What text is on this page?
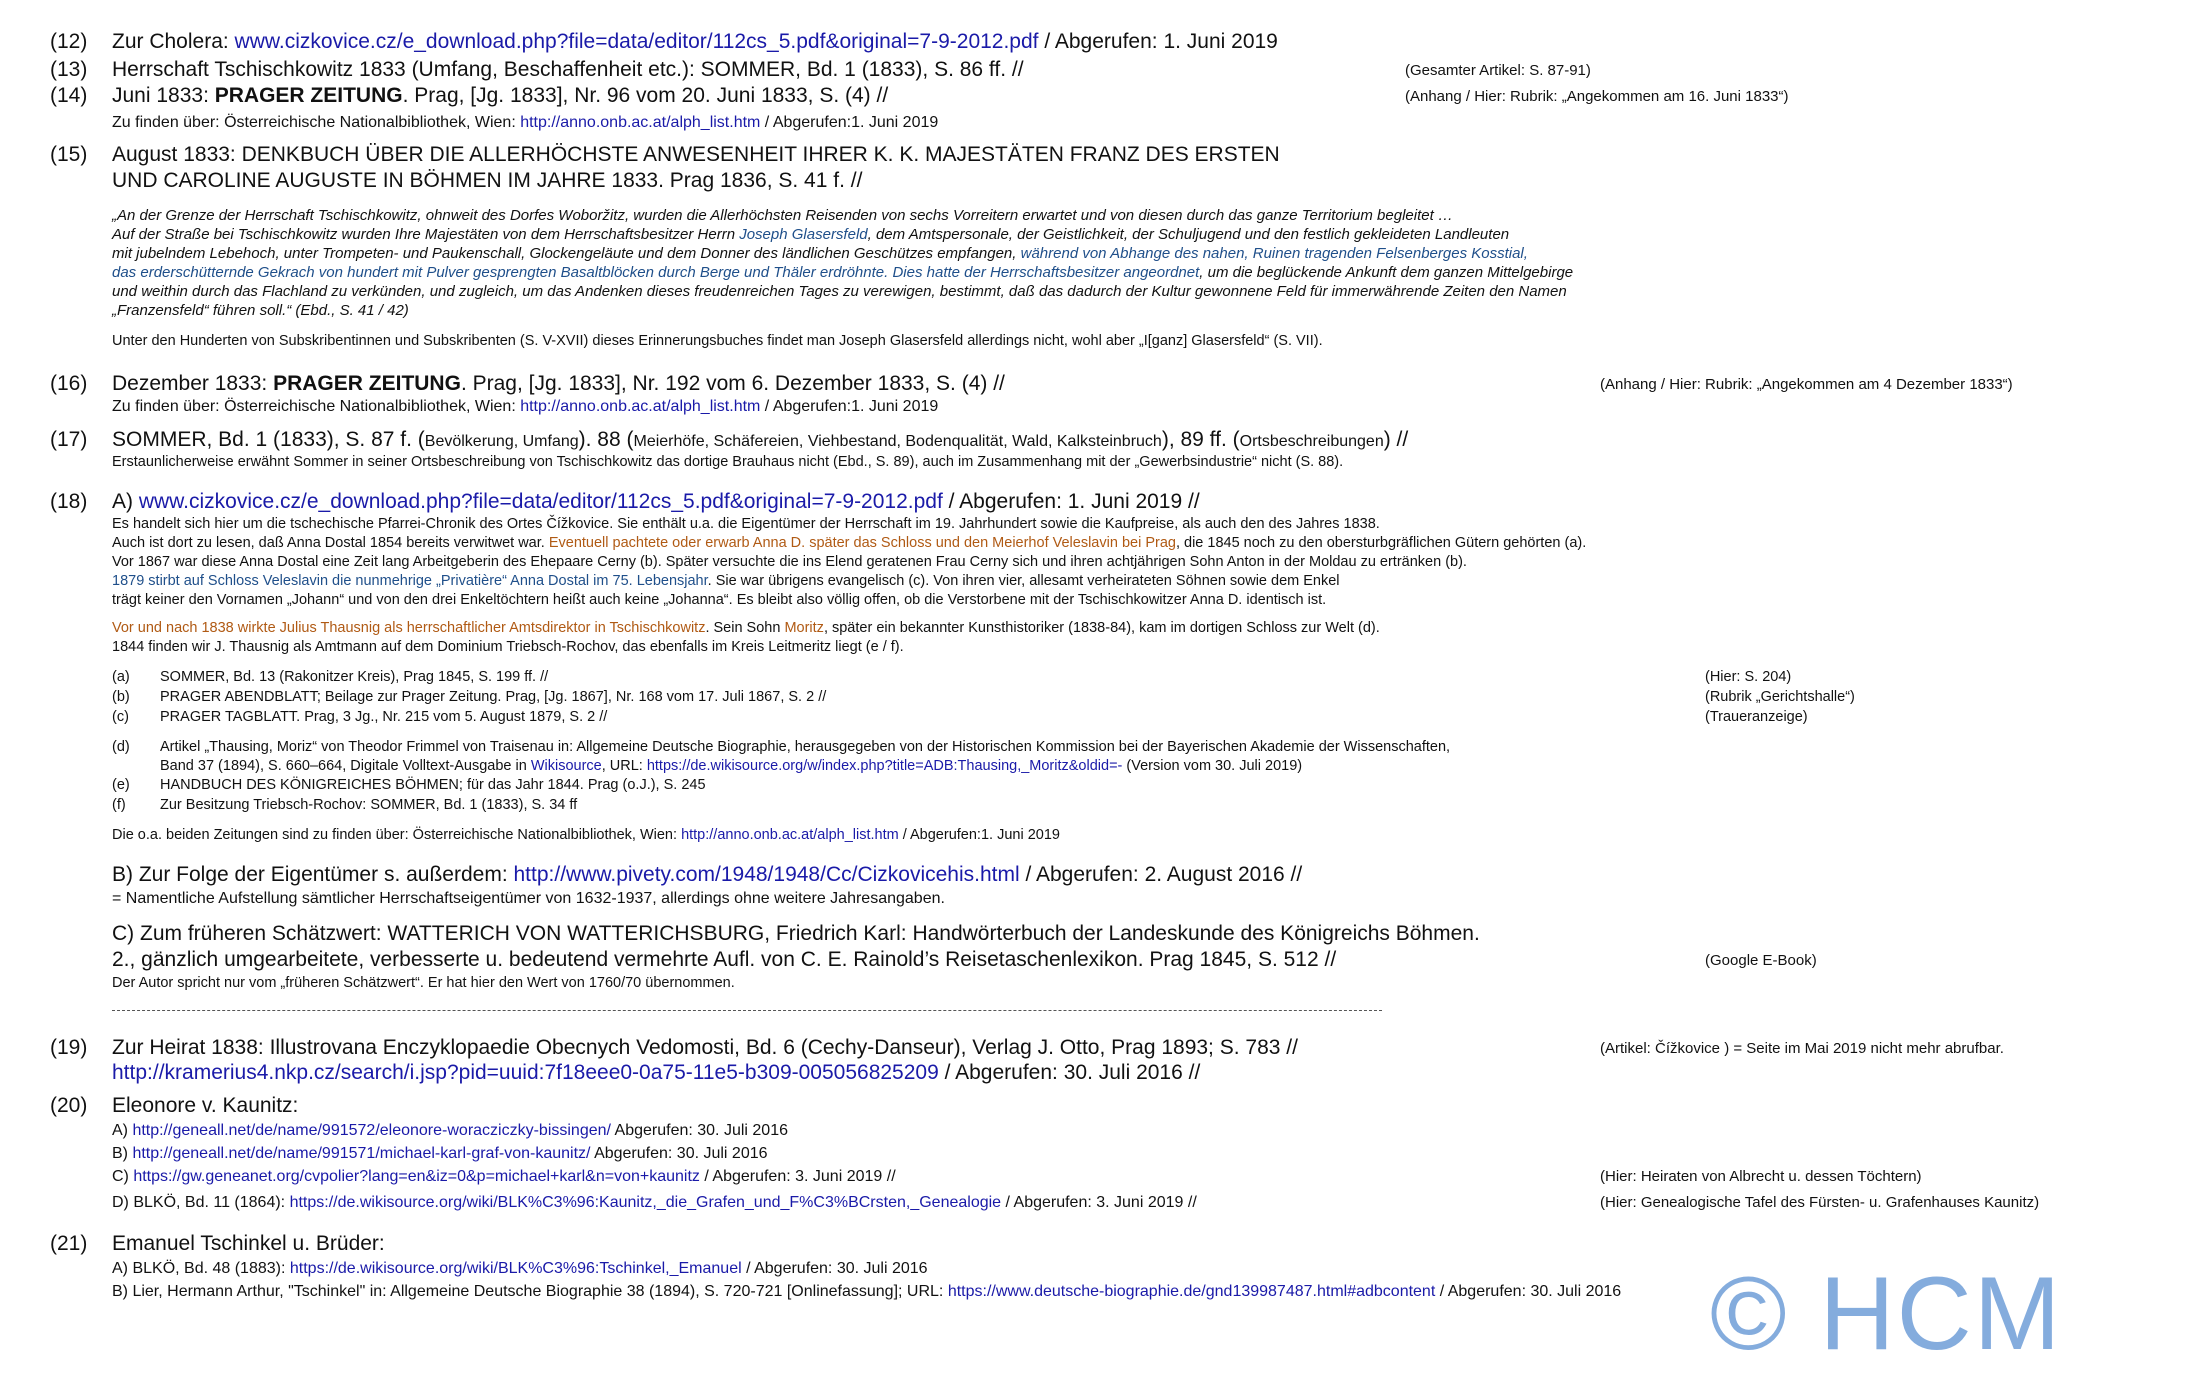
(12) Zur Cholera: www.cizkovice.cz/e_download.php?file=data/editor/112cs_5.pdf&original=7-9-2012.pdf / Abgerufen: 1. Juni 2019
(13) Herrschaft Tschischkowitz 1833 (Umfang, Beschaffenheit etc.): SOMMER, Bd. 1 (1833), S. 86 ff. //	(Gesamter Artikel: S. 87-91)
(14) Juni 1833: PRAGER ZEITUNG. Prag, [Jg. 1833], Nr. 96 vom 20. Juni 1833, S. (4) //	(Anhang / Hier: Rubrik: „Angekommen am 16. Juni 1833“)
Zu finden über: Österreichische Nationalbibliothek, Wien: http://anno.onb.ac.at/alph_list.htm / Abgerufen:1. Juni 2019
(15) August 1833: DENKBUCH ÜBER DIE ALLERHÖCHSTE ANWESENHEIT IHRER K. K. MAJESTÄTEN FRANZ DES ERSTEN
UND CAROLINE AUGUSTE IN BÖHMEN IM JAHRE 1833. Prag 1836, S. 41 f. //
„An der Grenze der Herrschaft Tschischkowitz, ohnweit des Dorfes Woboržitz, wurden die Allerhöchsten Reisenden von sechs Vorreitern erwartet und von diesen durch das ganze Territorium begleitet …
Auf der Straße bei Tschischkowitz wurden Ihre Majestäten von dem Herrschaftsbesitzer Herrn Joseph Glasersfeld, dem Amtspersonale, der Geistlichkeit, der Schuljugend und den festlich gekleideten Landleuten
mit jubelndem Lebehoch, unter Trompeten- und Paukenschall, Glockengeläute und dem Donner des ländlichen Geschützes empfangen, während von Abhange des nahen, Ruinen tragenden Felsenberges Kosstial,
das erderschütternde Gekrach von hundert mit Pulver gesprengten Basaltblöcken durch Berge und Thäler erdröhnte. Dies hatte der Herrschaftsbesitzer angeordnet, um die beglückende Ankunft dem ganzen Mittelgebirge
und weithin durch das Flachland zu verkünden, und zugleich, um das Andenken dieses freudenreichen Tages zu verewigen, bestimmt, daß das dadurch der Kultur gewonnene Feld für immerwährende Zeiten den Namen
„Franzensfeld“ führen soll.“ (Ebd., S. 41 / 42)
Unter den Hunderten von Subskribentinnen und Subskribenten (S. V-XVII) dieses Erinnerungsbuches findet man Joseph Glasersfeld allerdings nicht, wohl aber „I[ganz] Glasersfeld“ (S. VII).
(16) Dezember 1833: PRAGER ZEITUNG. Prag, [Jg. 1833], Nr. 192 vom 6. Dezember 1833, S. (4) //	(Anhang / Hier: Rubrik: „Angekommen am 4 Dezember 1833“)
Zu finden über: Österreichische Nationalbibliothek, Wien: http://anno.onb.ac.at/alph_list.htm / Abgerufen:1. Juni 2019
(17) SOMMER, Bd. 1 (1833), S. 87 f. (Bevölkerung, Umfang). 88 (Meierhöfe, Schäfereien, Viehbestand, Bodenqualität, Wald, Kalksteinbruch), 89 ff. (Ortsbeschreibungen) //
Erstaunlicherweise erwähnt Sommer in seiner Ortsbeschreibung von Tschischkowitz das dortige Brauhaus nicht (Ebd., S. 89), auch im Zusammenhang mit der „Gewerbsindustrie“ nicht (S. 88).
(18) A) www.cizkovice.cz/e_download.php?file=data/editor/112cs_5.pdf&original=7-9-2012.pdf / Abgerufen: 1. Juni 2019 //
Es handelt sich hier um die tschechische Pfarrei-Chronik des Ortes Čížkovice. Sie enthält u.a. die Eigentümer der Herrschaft im 19. Jahrhundert sowie die Kaufpreise, als auch den des Jahres 1838.
Auch ist dort zu lesen, daß Anna Dostal 1854 bereits verwitwet war. Eventuell pachtete oder erwarb Anna D. später das Schloss und den Meierhof Veleslavin bei Prag, die 1845 noch zu den obersturbgräflichen Gütern gehörten (a).
Vor 1867 war diese Anna Dostal eine Zeit lang Arbeitgeberin des Ehepaare Cerny (b). Später versuchte die ins Elend geratenen Frau Cerny sich und ihren achtjährigen Sohn Anton in der Moldau zu ertränken (b).
1879 stirbt auf Schloss Veleslavin die nunmehrige „Privatière“ Anna Dostal im 75. Lebensjahr. Sie war übrigens evangelisch (c). Von ihren vier, allesamt verheirateten Söhnen sowie dem Enkel
trägt keiner den Vornamen „Johann“ und von den drei Enkeltöchtern heißt auch keine „Johanna“. Es bleibt also völlig offen, ob die Verstorbene mit der Tschischkowitzer Anna D. identisch ist.
Vor und nach 1838 wirkte Julius Thausnig als herrschaftlicher Amtsdirektor in Tschischkowitz. Sein Sohn Moritz, später ein bekannter Kunsthistoriker (1838-84), kam im dortigen Schloss zur Welt (d).
1844 finden wir J. Thausnig als Amtmann auf dem Dominium Triebsch-Rochov, das ebenfalls im Kreis Leitmeritz liegt (e / f).
(a) SOMMER, Bd. 13 (Rakonitzer Kreis), Prag 1845, S. 199 ff. //	(Hier: S. 204)
(b) PRAGER ABENDBLATT; Beilage zur Prager Zeitung. Prag, [Jg. 1867], Nr. 168 vom 17. Juli 1867, S. 2 //	(Rubrik „Gerichtshalle“)
(c) PRAGER TAGBLATT. Prag, 3 Jg., Nr. 215 vom 5. August 1879, S. 2 //	(Traueranzeige)
(d) Artikel „Thausing, Moriz“ von Theodor Frimmel von Traisenau in: Allgemeine Deutsche Biographie, herausgegeben von der Historischen Kommission bei der Bayerischen Akademie der Wissenschaften,
Band 37 (1894), S. 660–664, Digitale Volltext-Ausgabe in Wikisource, URL: https://de.wikisource.org/w/index.php?title=ADB:Thausing,_Moritz&oldid=- (Version vom 30. Juli 2019)
(e) HANDBUCH DES KÖNIGREICHES BÖHMEN; für das Jahr 1844. Prag (o.J.), S. 245
(f) Zur Besitzung Triebsch-Rochov: SOMMER, Bd. 1 (1833), S. 34 ff
Die o.a. beiden Zeitungen sind zu finden über: Österreichische Nationalbibliothek, Wien: http://anno.onb.ac.at/alph_list.htm / Abgerufen:1. Juni 2019
B) Zur Folge der Eigentümer s. außerdem: http://www.pivety.com/1948/1948/Cc/Cizkovicehis.html / Abgerufen: 2. August 2016 //
= Namentliche Aufstellung sämtlicher Herrschaftseigentümer von 1632-1937, allerdings ohne weitere Jahresangaben.
C) Zum früheren Schätzwert: WATTERICH VON WATTERICHSBURG, Friedrich Karl: Handwörterbuch der Landeskunde des Königreichs Böhmen.
2., gänzlich umgearbeitete, verbesserte u. bedeutend vermehrte Aufl. von C. E. Rainold’s Reisetaschenlexikon. Prag 1845, S. 512 //	(Google E-Book)
Der Autor spricht nur vom „früheren Schätzwert“. Er hat hier den Wert von 1760/70 übernommen.
(19) Zur Heirat 1838: Illustrovana Enczyklopaedie Obecnych Vedomosti, Bd. 6 (Cechy-Danseur), Verlag J. Otto, Prag 1893; S. 783 //	(Artikel: Čížkovice ) = Seite im Mai 2019 nicht mehr abrufbar.
http://kramerius4.nkp.cz/search/i.jsp?pid=uuid:7f18eee0-0a75-11e5-b309-005056825209 / Abgerufen: 30. Juli 2016 //
(20) Eleonore v. Kaunitz:
A) http://geneall.net/de/name/991572/eleonore-woracziczky-bissingen/ Abgerufen: 30. Juli 2016
B) http://geneall.net/de/name/991571/michael-karl-graf-von-kaunitz/ Abgerufen: 30. Juli 2016
C) https://gw.geneanet.org/cvpolier?lang=en&iz=0&p=michael+karl&n=von+kaunitz / Abgerufen: 3. Juni 2019 //	(Hier: Heiraten von Albrecht u. dessen Töchtern)
D) BLKÖ, Bd. 11 (1864): https://de.wikisource.org/wiki/BLK%C3%96:Kaunitz,_die_Grafen_und_F%C3%BCrsten,_Genealogie / Abgerufen: 3. Juni 2019 //	(Hier: Genealogische Tafel des Fürsten- u. Grafenhauses Kaunitz)
(21) Emanuel Tschinkel u. Brüder:
A) BLKÖ, Bd. 48 (1883): https://de.wikisource.org/wiki/BLK%C3%96:Tschinkel,_Emanuel / Abgerufen: 30. Juli 2016
B) Lier, Hermann Arthur, "Tschinkel" in: Allgemeine Deutsche Biographie 38 (1894), S. 720-721 [Onlinefassung]; URL: https://www.deutsche-biographie.de/gnd139987487.html#adbcontent / Abgerufen: 30. Juli 2016 © HCM
